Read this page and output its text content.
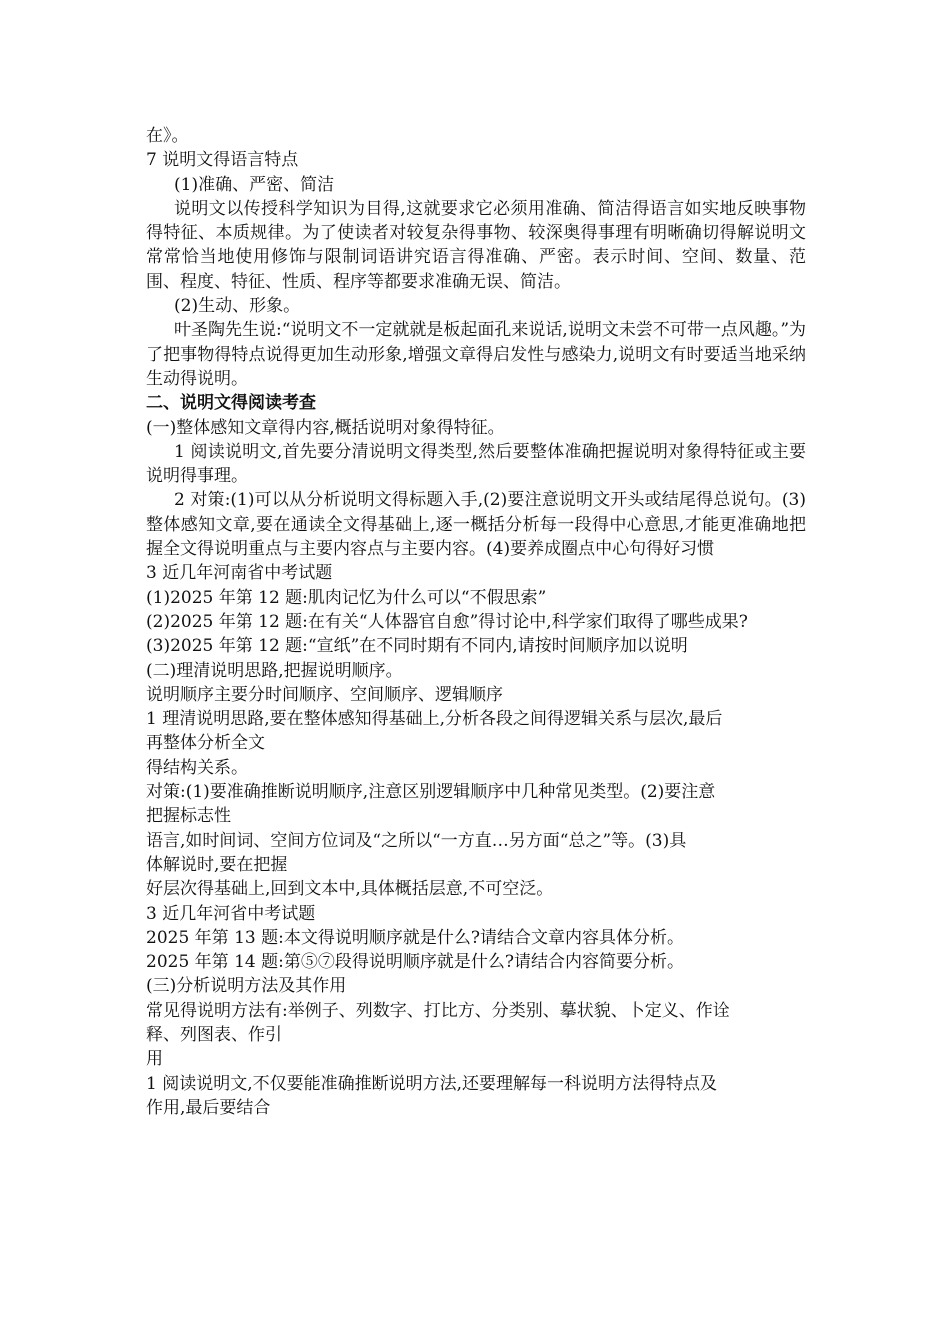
在》。
7 说明文得语言特点
(1)准确、严密、简洁
说明文以传授科学知识为目得,这就要求它必须用准确、简洁得语言如实地反映事物得特征、本质规律。为了使读者对较复杂得事物、较深奥得事理有明晰确切得解说明文常常恰当地使用修饰与限制词语讲究语言得准确、严密。表示时间、空间、数量、范围、程度、特征、性质、程序等都要求准确无误、简洁。
(2)生动、形象。
叶圣陶先生说:“说明文不一定就就是板起面孔来说话,说明文未尝不可带一点风趣。”为了把事物得特点说得更加生动形象,增强文章得启发性与感染力,说明文有时要适当地采纳生动得说明。
二、说明文得阅读考查
(一)整体感知文章得内容,概括说明对象得特征。
1 阅读说明文,首先要分清说明文得类型,然后要整体准确把握说明对象得特征或主要说明得事理。
2 对策:(1)可以从分析说明文得标题入手,(2)要注意说明文开头或结尾得总说句。(3)整体感知文章,要在通读全文得基础上,逐一概括分析每一段得中心意思,才能更准确地把握全文得说明重点与主要内容点与主要内容。(4)要养成圈点中心句得好习惯
3 近几年河南省中考试题
(1)2025 年第 12 题:肌肉记忆为什么可以“不假思索”
(2)2025 年第 12 题:在有关“人体器官自愈”得讨论中,科学家们取得了哪些成果?
(3)2025 年第 12 题:“宣纸”在不同时期有不同内,请按时间顺序加以说明
(二)理清说明思路,把握说明顺序。
说明顺序主要分时间顺序、空间顺序、逻辑顺序
1 理清说明思路,要在整体感知得基础上,分析各段之间得逻辑关系与层次,最后
再整体分析全文
得结构关系。
对策:(1)要准确推断说明顺序,注意区别逻辑顺序中几种常见类型。(2)要注意
把握标志性
语言,如时间词、空间方位词及“之所以“一方直…另方面“总之”等。(3)具
体解说时,要在把握
好层次得基础上,回到文本中,具体概括层意,不可空泛。
3 近几年河省中考试题
2025 年第 13 题:本文得说明顺序就是什么?请结合文章内容具体分析。
2025 年第 14 题:第⑤⑦段得说明顺序就是什么?请结合内容简要分析。
(三)分析说明方法及其作用
常见得说明方法有:举例子、列数字、打比方、分类别、摹状貌、卜定义、作诠
释、列图表、作引
用
1 阅读说明文,不仅要能准确推断说明方法,还要理解每一科说明方法得特点及
作用,最后要结合
